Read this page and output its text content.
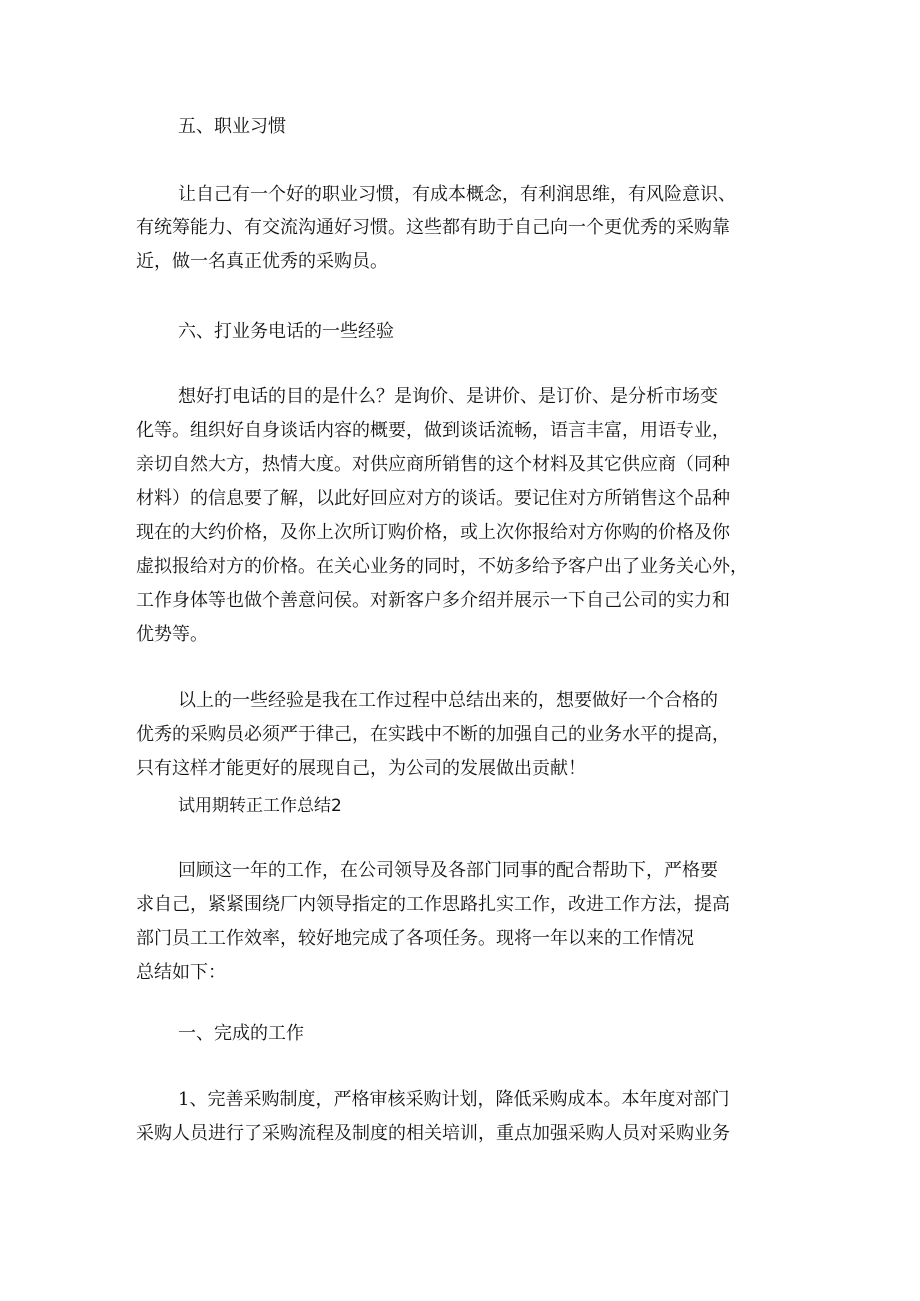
五、职业习惯
让自己有一个好的职业习惯，有成本概念，有利润思维，有风险意识、
有统筹能力、有交流沟通好习惯。这些都有助于自己向一个更优秀的采购靠
近，做一名真正优秀的采购员。
六、打业务电话的一些经验
想好打电话的目的是什么？是询价、是讲价、是订价、是分析市场变
化等。组织好自身谈话内容的概要，做到谈话流畅，语言丰富，用语专业，
亲切自然大方，热情大度。对供应商所销售的这个材料及其它供应商（同种
材料）的信息要了解，以此好回应对方的谈话。要记住对方所销售这个品种
现在的大约价格，及你上次所订购价格，或上次你报给对方你购的价格及你
虚拟报给对方的价格。在关心业务的同时，不妨多给予客户出了业务关心外，
工作身体等也做个善意问侯。对新客户多介绍并展示一下自己公司的实力和
优势等。
以上的一些经验是我在工作过程中总结出来的，想要做好一个合格的
优秀的采购员必须严于律己，在实践中不断的加强自己的业务水平的提高，
只有这样才能更好的展现自己，为公司的发展做出贡献！
试用期转正工作总结2
回顾这一年的工作，在公司领导及各部门同事的配合帮助下，严格要
求自己，紧紧围绕厂内领导指定的工作思路扎实工作，改进工作方法，提高
部门员工工作效率，较好地完成了各项任务。现将一年以来的工作情况
总结如下：
一、完成的工作
1、完善采购制度，严格审核采购计划，降低采购成本。本年度对部门
采购人员进行了采购流程及制度的相关培训，重点加强采购人员对采购业务
